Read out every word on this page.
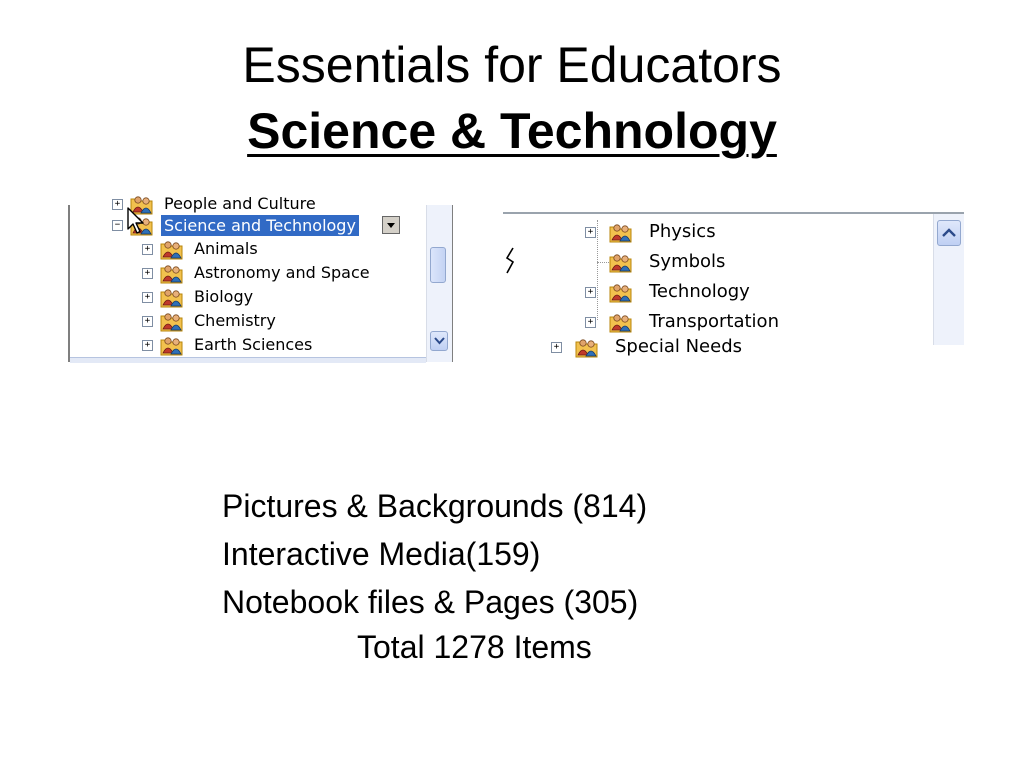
Essentials for Educators
Science & Technology
+	People and Culture
−	Science and Technology
+	Animals
+	Astronomy and Space
+	Biology
+	Chemistry
+	Earth Sciences
+	Physics
Symbols
+	Technology
+	Transportation
+	Special Needs
Pictures & Backgrounds (814)
Interactive Media(159)
Notebook files & Pages (305)
Total 1278 Items
